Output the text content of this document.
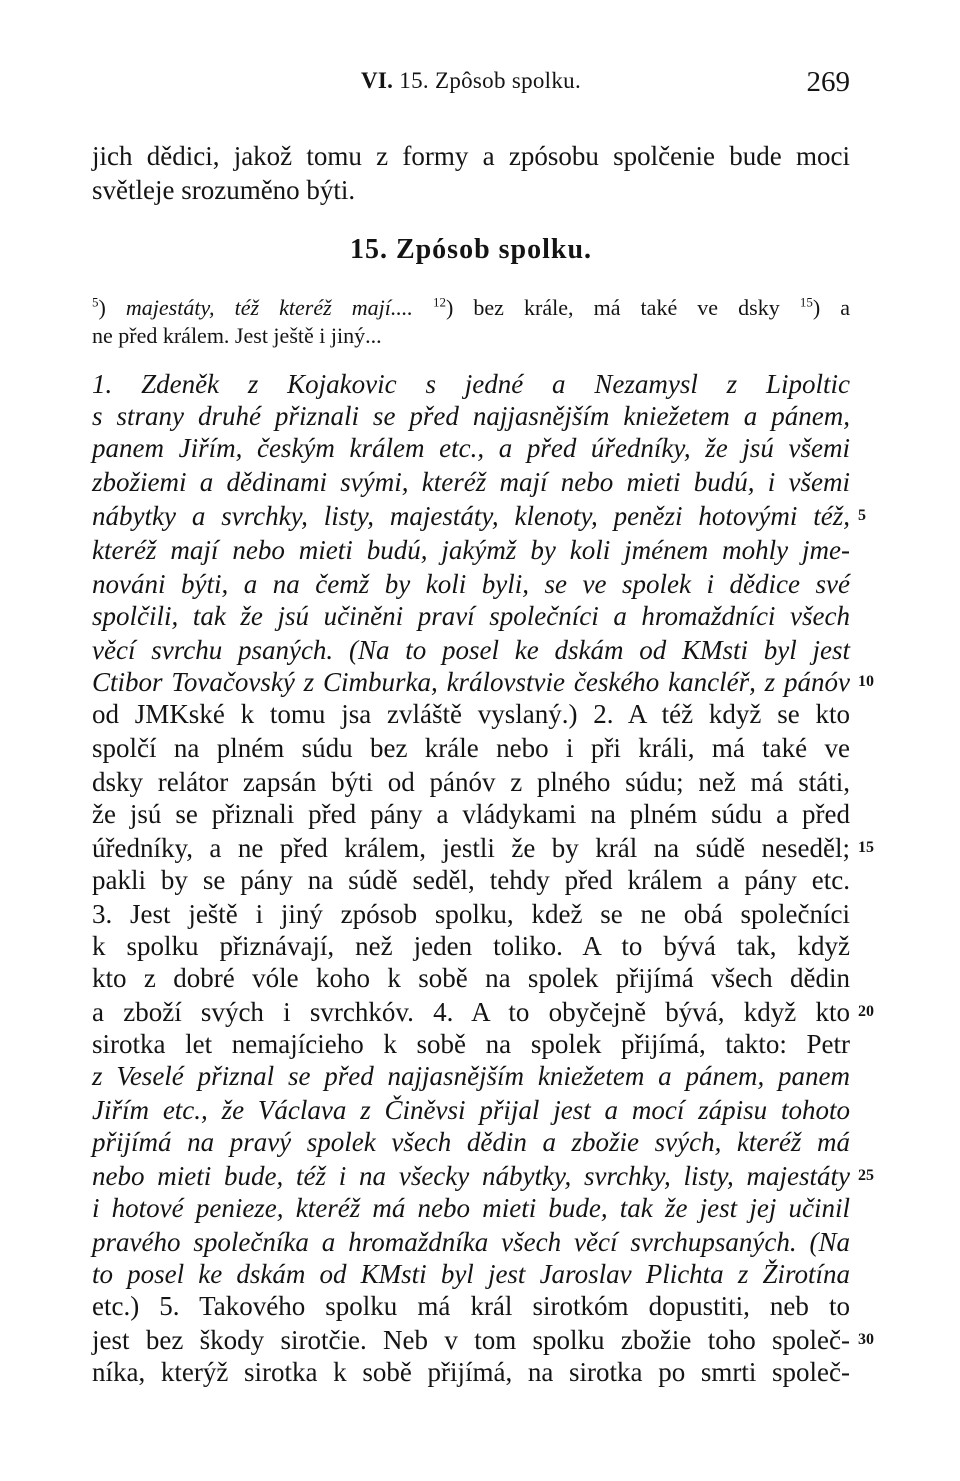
VI. 15. Zpôsob spolku.	269
jich dědici, jakož tomu z formy a zpósobu spolčenie bude moci
světleje srozuměno býti.
15. Zpósob spolku.
$^5$) majestáty, též kteréž mají.... $^{12}$) bez krále, má také ve dsky $^{15}$) a
ne před králem. Jest ještě i jiný...
1. Zdeněk z Kojakovic s jedné a Nezamysl z Lipoltic
s strany druhé přiznali se před najjasnějším kniežetem a pánem,
panem Jiřím, českým králem etc., a před úředníky, že jsú všemi
zbožiemi a dědinami svými, kteréž mají nebo mieti budú, i všemi
nábytky a svrchky, listy, majestáty, klenoty, penězi hotovými též, 5
kteréž mají nebo mieti budú, jakýmž by koli jménem mohly jme-
nováni býti, a na čemž by koli byli, se ve spolek i dědice své
spolčili, tak že jsú učiněni praví společníci a hromaždníci všech
věcí svrchu psaných. (Na to posel ke dskám od KMsti byl jest
Ctibor Tovačovský z Cimburka, královstvie českého kancléř, z pánóv 10
od JMKské k tomu jsa zvláště vyslaný.) 2. A též když se kto
spolčí na plném súdu bez krále nebo i při králi, má také ve
dsky relátor zapsán býti od pánóv z plného súdu; než má státi,
že jsú se přiznali před pány a vládykami na plném súdu a před
úředníky, a ne před králem, jestli že by král na súdě neseděl; 15
pakli by se pány na súdě seděl, tehdy před králem a pány etc.
3. Jest ještě i jiný zpósob spolku, kdež se ne obá společníci
k spolku přiznávají, než jeden toliko. A to bývá tak, když
kto z dobré vóle koho k sobě na spolek přijímá všech dědin
a zboží svých i svrchkóv. 4. A to obyčejně bývá, když kto 20
sirotka let nemajícieho k sobě na spolek přijímá, takto: Petr
z Veselé přiznal se před najjasnějším kniežetem a pánem, panem
Jiřím etc., že Václava z Činěvsi přijal jest a mocí zápisu tohoto
přijímá na pravý spolek všech dědin a zbožie svých, kteréž má
nebo mieti bude, též i na všecky nábytky, svrchky, listy, majestáty 25
i hotové penieze, kteréž má nebo mieti bude, tak že jest jej učinil
pravého společníka a hromaždníka všech věcí svrchupsaných. (Na
to posel ke dskám od KMsti byl jest Jaroslav Plichta z Žirotína
etc.) 5. Takového spolku má král sirotkóm dopustiti, neb to
jest bez škody sirotčie. Neb v tom spolku zbožie toho společ- 30
níka, kterýž sirotka k sobě přijímá, na sirotka po smrti společ-
